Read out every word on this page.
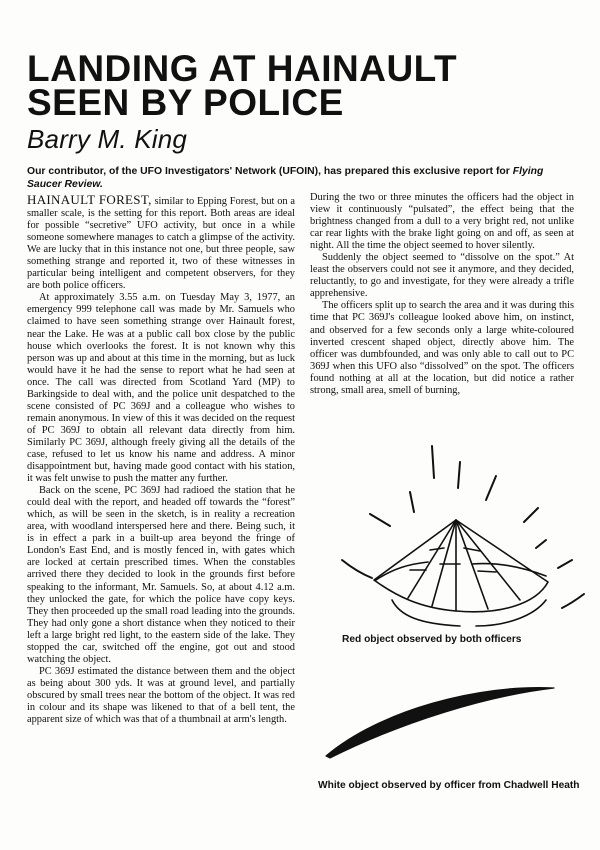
LANDING AT HAINAULT
SEEN BY POLICE
Barry M. King

Our contributor, of the UFO Investigators' Network (UFOIN), has prepared this exclusive report for Flying Saucer Review.

HAINAULT FOREST, similar to Epping Forest, but on a smaller scale, is the setting for this report. Both areas are ideal for possible “secretive” UFO activity, but once in a while someone somewhere manages to catch a glimpse of the activity. We are lucky that in this instance not one, but three people, saw something strange and reported it, two of these witnesses in particular being intelligent and competent observers, for they are both police officers.

At approximately 3.55 a.m. on Tuesday May 3, 1977, an emergency 999 telephone call was made by Mr. Samuels who claimed to have seen something strange over Hainault forest, near the Lake. He was at a public call box close by the public house which overlooks the forest. It is not known why this person was up and about at this time in the morning, but as luck would have it he had the sense to report what he had seen at once. The call was directed from Scotland Yard (MP) to Barkingside to deal with, and the police unit despatched to the scene consisted of PC 369J and a colleague who wishes to remain anonymous. In view of this it was decided on the request of PC 369J to obtain all relevant data directly from him. Similarly PC 369J, although freely giving all the details of the case, refused to let us know his name and address. A minor disappointment but, having made good contact with his station, it was felt unwise to push the matter any further.

Back on the scene, PC 369J had radioed the station that he could deal with the report, and headed off towards the “forest” which, as will be seen in the sketch, is in reality a recreation area, with woodland interspersed here and there. Being such, it is in effect a park in a built-up area beyond the fringe of London's East End, and is mostly fenced in, with gates which are locked at certain prescribed times. When the constables arrived there they decided to look in the grounds first before speaking to the informant, Mr. Samuels. So, at about 4.12 a.m. they unlocked the gate, for which the police have copy keys. They then proceeded up the small road leading into the grounds. They had only gone a short distance when they noticed to their left a large bright red light, to the eastern side of the lake. They stopped the car, switched off the engine, got out and stood watching the object.

PC 369J estimated the distance between them and the object as being about 300 yds. It was at ground level, and partially obscured by small trees near the bottom of the object. It was red in colour and its shape was likened to that of a bell tent, the apparent size of which was that of a thumbnail at arm's length.

During the two or three minutes the officers had the object in view it continuously “pulsated”, the effect being that the brightness changed from a dull to a very bright red, not unlike car rear lights with the brake light going on and off, as seen at night. All the time the object seemed to hover silently.

Suddenly the object seemed to “dissolve on the spot.” At least the observers could not see it anymore, and they decided, reluctantly, to go and investigate, for they were already a trifle apprehensive.

The officers split up to search the area and it was during this time that PC 369J's colleague looked above him, on instinct, and observed for a few seconds only a large white-coloured inverted crescent shaped object, directly above him. The officer was dumbfounded, and was only able to call out to PC 369J when this UFO also “dissolved” on the spot. The officers found nothing at all at the location, but did notice a rather strong, small area, smell of burning,

Red object observed by both officers

White object observed by officer from Chadwell Heath
